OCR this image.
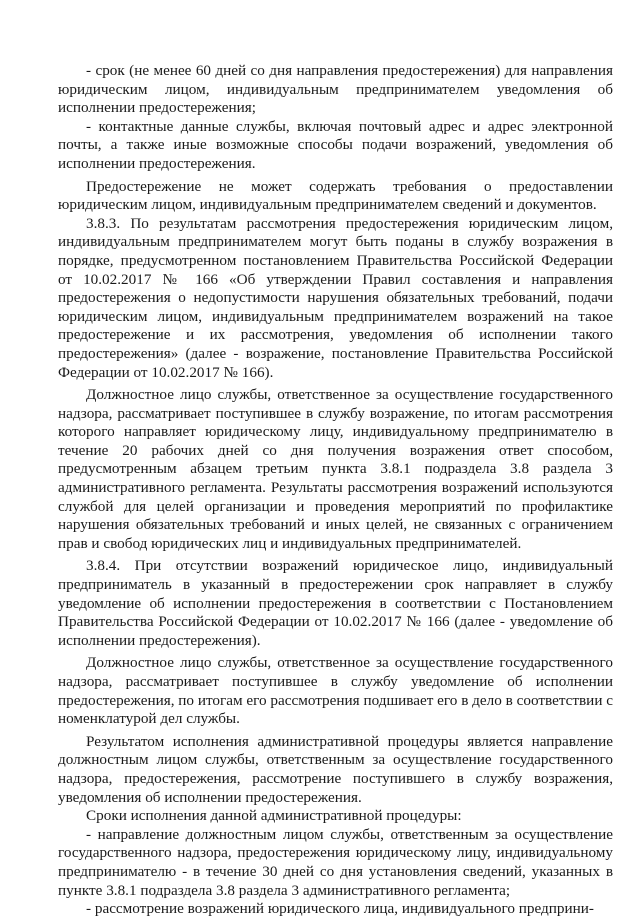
- срок (не менее 60 дней со дня направления предостережения) для направления юридическим лицом, индивидуальным предпринимателем уведомления об исполнении предостережения;

- контактные данные службы, включая почтовый адрес и адрес электронной почты, а также иные возможные способы подачи возражений, уведомления об исполнении предостережения.

Предостережение не может содержать требования о предоставлении юридическим лицом, индивидуальным предпринимателем сведений и документов.

3.8.3. По результатам рассмотрения предостережения юридическим лицом, индивидуальным предпринимателем могут быть поданы в службу возражения в порядке, предусмотренном постановлением Правительства Российской Федерации от 10.02.2017 № 166 «Об утверждении Правил составления и направления предостережения о недопустимости нарушения обязательных требований, подачи юридическим лицом, индивидуальным предпринимателем возражений на такое предостережение и их рассмотрения, уведомления об исполнении такого предостережения» (далее - возражение, постановление Правительства Российской Федерации от 10.02.2017 № 166).

Должностное лицо службы, ответственное за осуществление государственного надзора, рассматривает поступившее в службу возражение, по итогам рассмотрения которого направляет юридическому лицу, индивидуальному предпринимателю в течение 20 рабочих дней со дня получения возражения ответ способом, предусмотренным абзацем третьим пункта 3.8.1 подраздела 3.8 раздела 3 административного регламента. Результаты рассмотрения возражений используются службой для целей организации и проведения мероприятий по профилактике нарушения обязательных требований и иных целей, не связанных с ограничением прав и свобод юридических лиц и индивидуальных предпринимателей.

3.8.4. При отсутствии возражений юридическое лицо, индивидуальный предприниматель в указанный в предостережении срок направляет в службу уведомление об исполнении предостережения в соответствии с Постановлением Правительства Российской Федерации от 10.02.2017 № 166 (далее - уведомление об исполнении предостережения).

Должностное лицо службы, ответственное за осуществление государственного надзора, рассматривает поступившее в службу уведомление об исполнении предостережения, по итогам его рассмотрения подшивает его в дело в соответствии с номенклатурой дел службы.

Результатом исполнения административной процедуры является направление должностным лицом службы, ответственным за осуществление государственного надзора, предостережения, рассмотрение поступившего в службу возражения, уведомления об исполнении предостережения.

Сроки исполнения данной административной процедуры:

- направление должностным лицом службы, ответственным за осуществление государственного надзора, предостережения юридическому лицу, индивидуальному предпринимателю - в течение 30 дней со дня установления сведений, указанных в пункте 3.8.1 подраздела 3.8 раздела 3 административного регламента;

- рассмотрение возражений юридического лица, индивидуального предприни-
